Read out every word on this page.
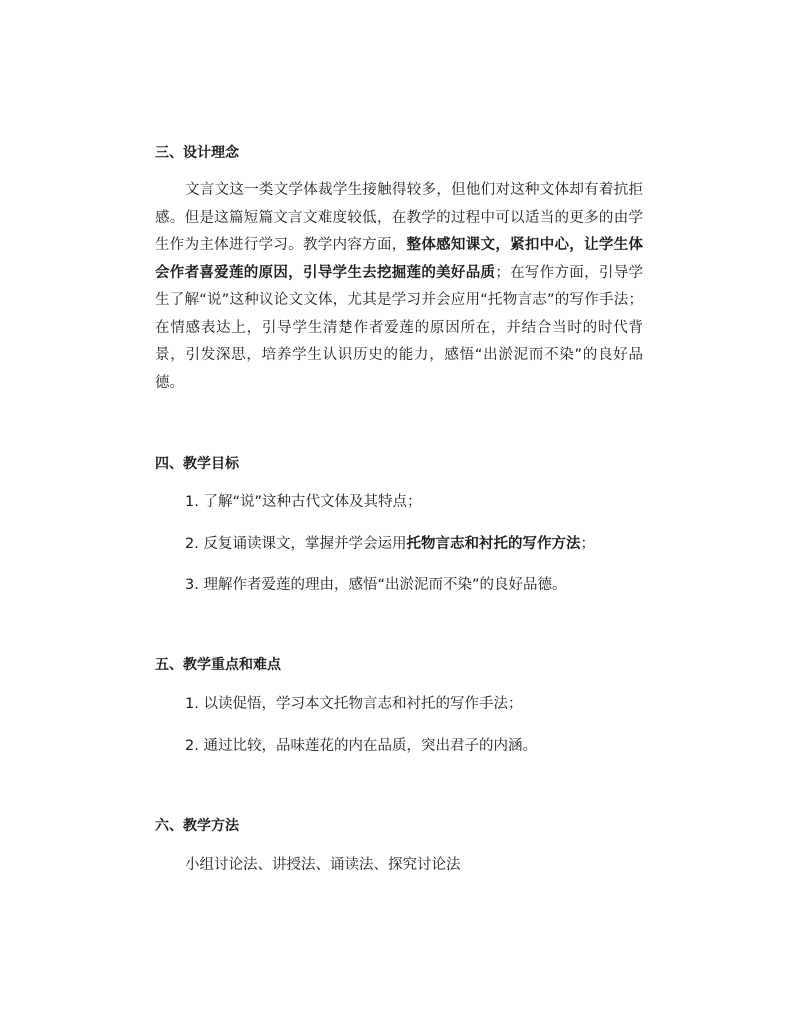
三、设计理念
文言文这一类文学体裁学生接触得较多，但他们对这种文体却有着抗拒感。但是这篇短篇文言文难度较低，在教学的过程中可以适当的更多的由学生作为主体进行学习。教学内容方面，整体感知课文，紧扣中心，让学生体会作者喜爱莲的原因，引导学生去挖掘莲的美好品质；在写作方面，引导学生了解“说”这种议论文文体，尤其是学习并会应用“托物言志”的写作手法；在情感表达上，引导学生清楚作者爱莲的原因所在，并结合当时的时代背景，引发深思，培养学生认识历史的能力，感悟“出淤泥而不染”的良好品德。
四、教学目标
1. 了解“说”这种古代文体及其特点；
2. 反复诵读课文，掌握并学会运用托物言志和衬托的写作方法；
3. 理解作者爱莲的理由，感悟“出淤泥而不染”的良好品德。
五、教学重点和难点
1. 以读促悟，学习本文托物言志和衬托的写作手法；
2. 通过比较，品味莲花的内在品质，突出君子的内涵。
六、教学方法
小组讨论法、讲授法、诵读法、探究讨论法
